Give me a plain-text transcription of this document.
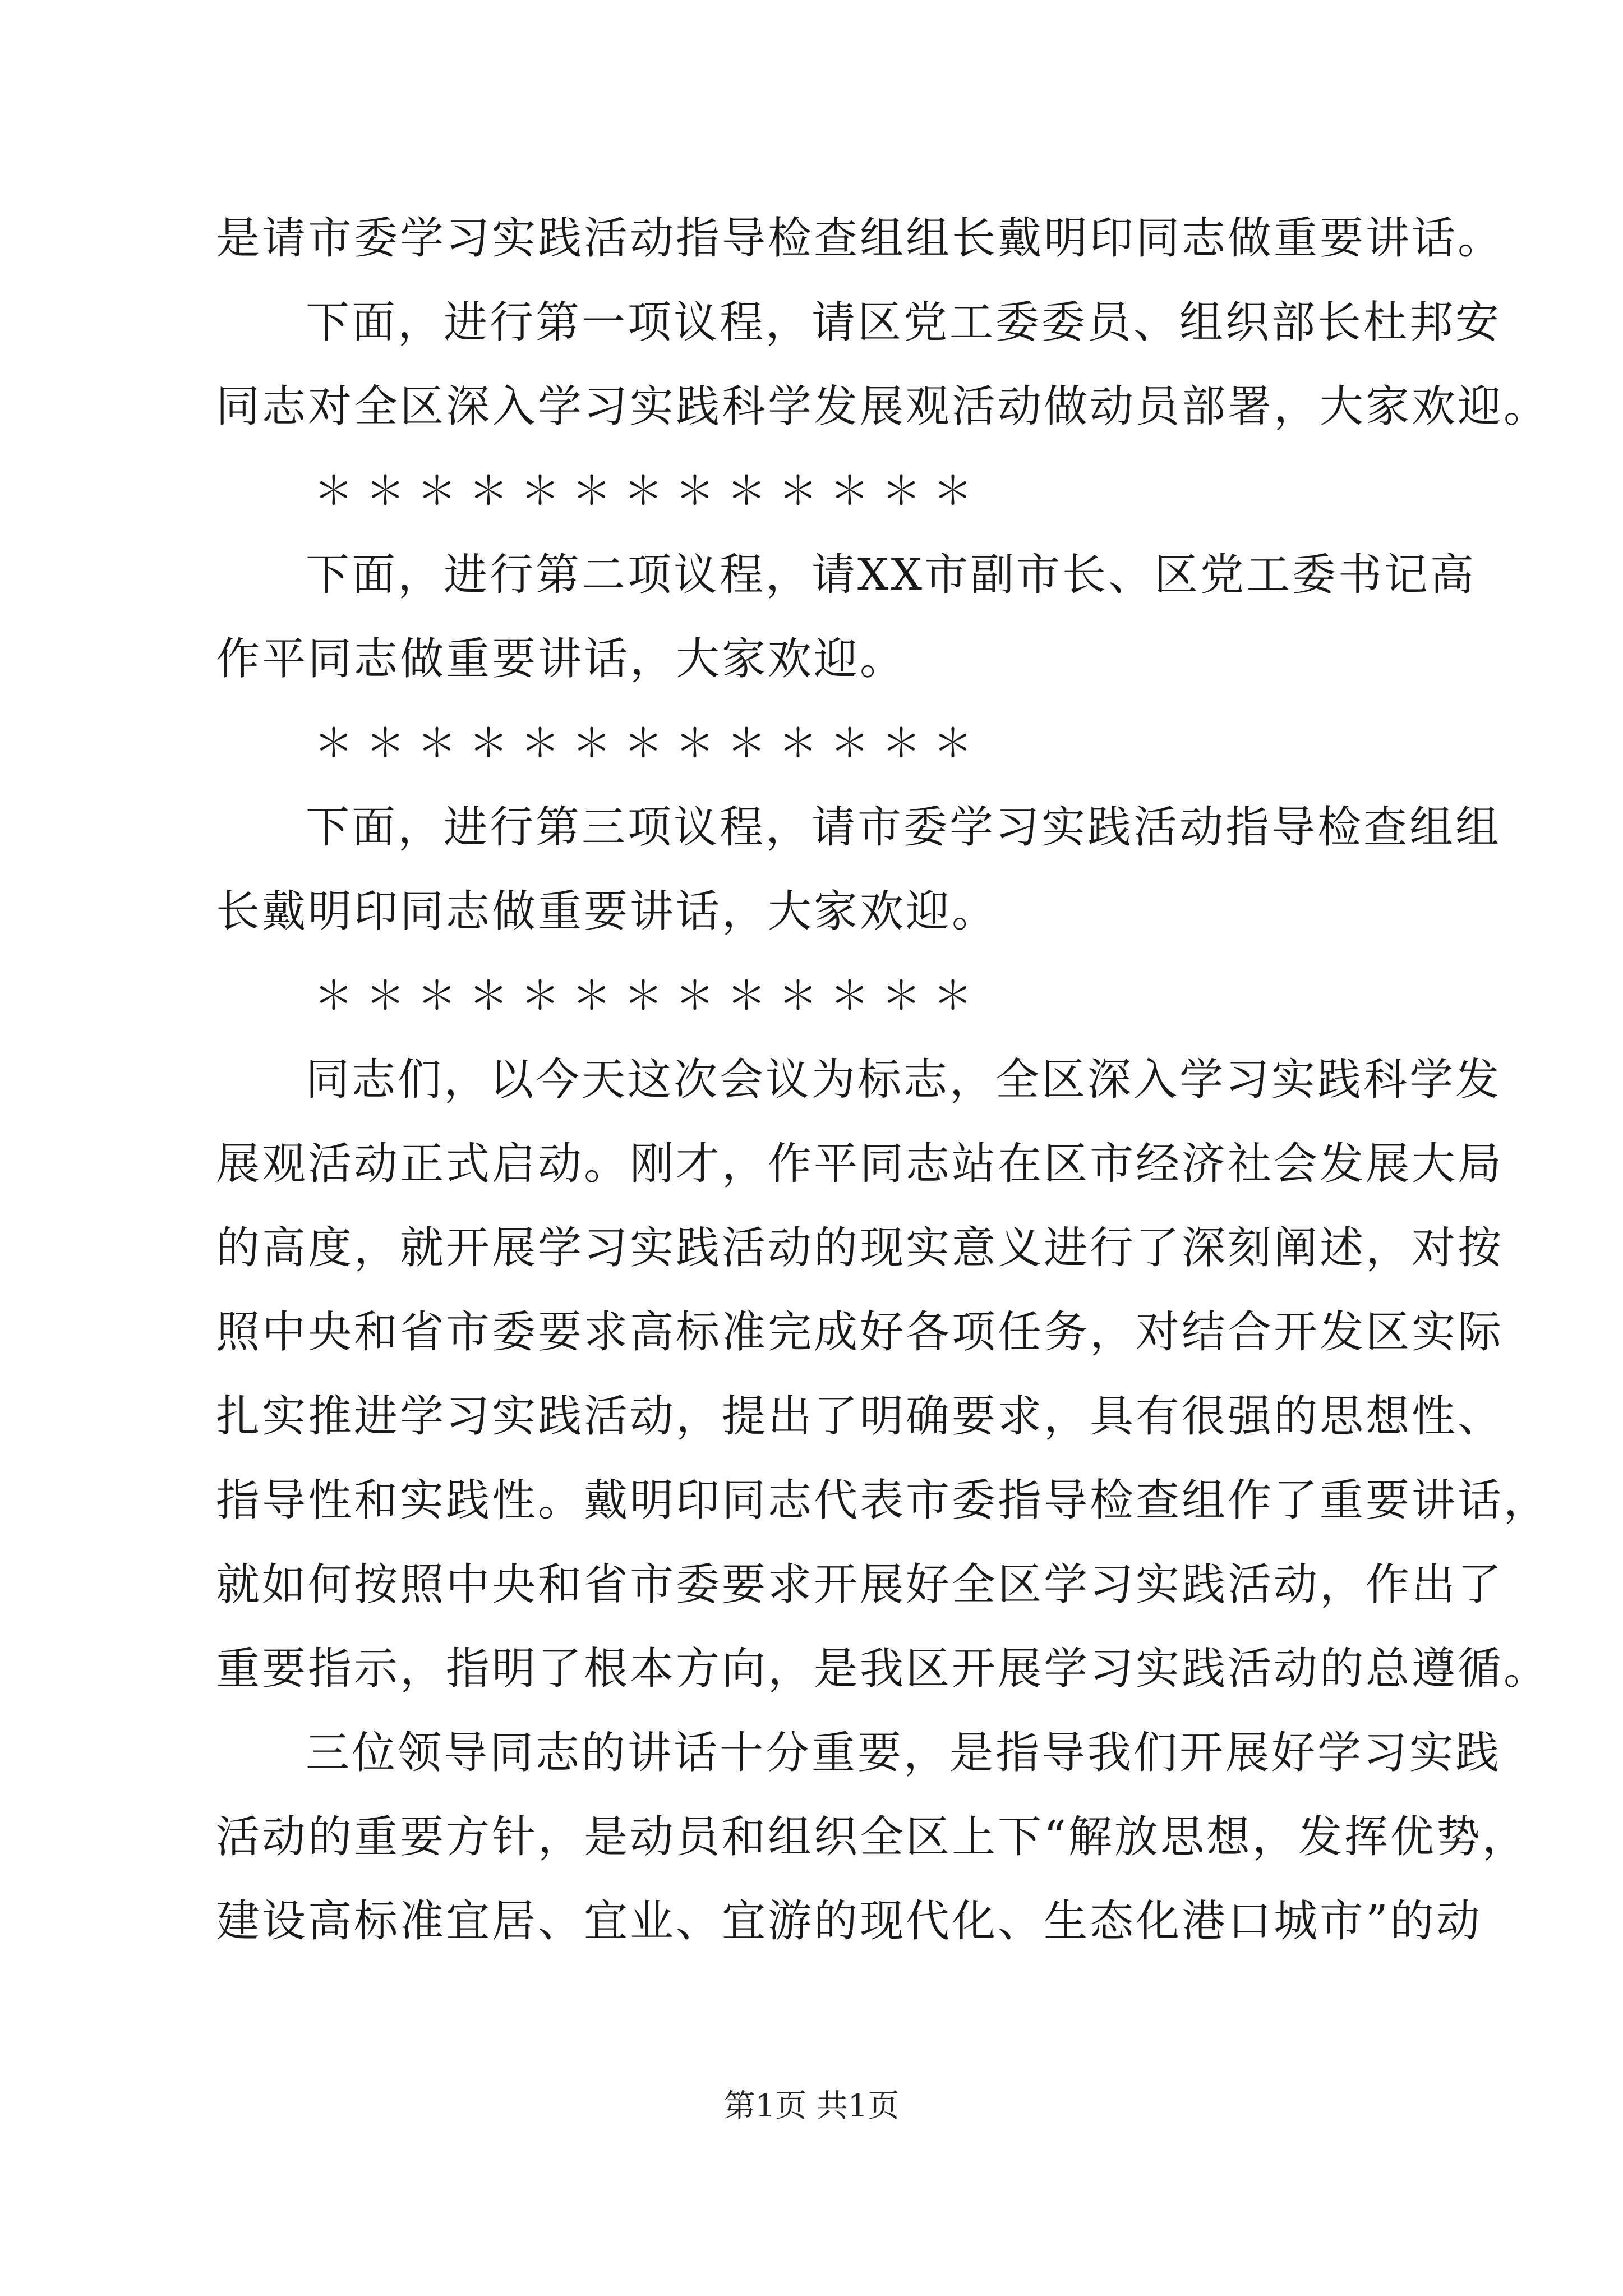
是请市委学习实践活动指导检查组组长戴明印同志做重要讲话。
下面，进行第一项议程，请区党工委委员、组织部长杜邦安
同志对全区深入学习实践科学发展观活动做动员部署，大家欢迎。
＊＊＊＊＊＊＊＊＊＊＊＊＊
下面，进行第二项议程，请XX市副市长、区党工委书记高
作平同志做重要讲话，大家欢迎。
＊＊＊＊＊＊＊＊＊＊＊＊＊
下面，进行第三项议程，请市委学习实践活动指导检查组组
长戴明印同志做重要讲话，大家欢迎。
＊＊＊＊＊＊＊＊＊＊＊＊＊
同志们，以今天这次会议为标志，全区深入学习实践科学发
展观活动正式启动。刚才，作平同志站在区市经济社会发展大局
的高度，就开展学习实践活动的现实意义进行了深刻阐述，对按
照中央和省市委要求高标准完成好各项任务，对结合开发区实际
扎实推进学习实践活动，提出了明确要求，具有很强的思想性、
指导性和实践性。戴明印同志代表市委指导检查组作了重要讲话，
就如何按照中央和省市委要求开展好全区学习实践活动，作出了
重要指示，指明了根本方向，是我区开展学习实践活动的总遵循。
三位领导同志的讲话十分重要，是指导我们开展好学习实践
活动的重要方针，是动员和组织全区上下“解放思想，发挥优势，
建设高标准宜居、宜业、宜游的现代化、生态化港口城市”的动
第1页 共1页
